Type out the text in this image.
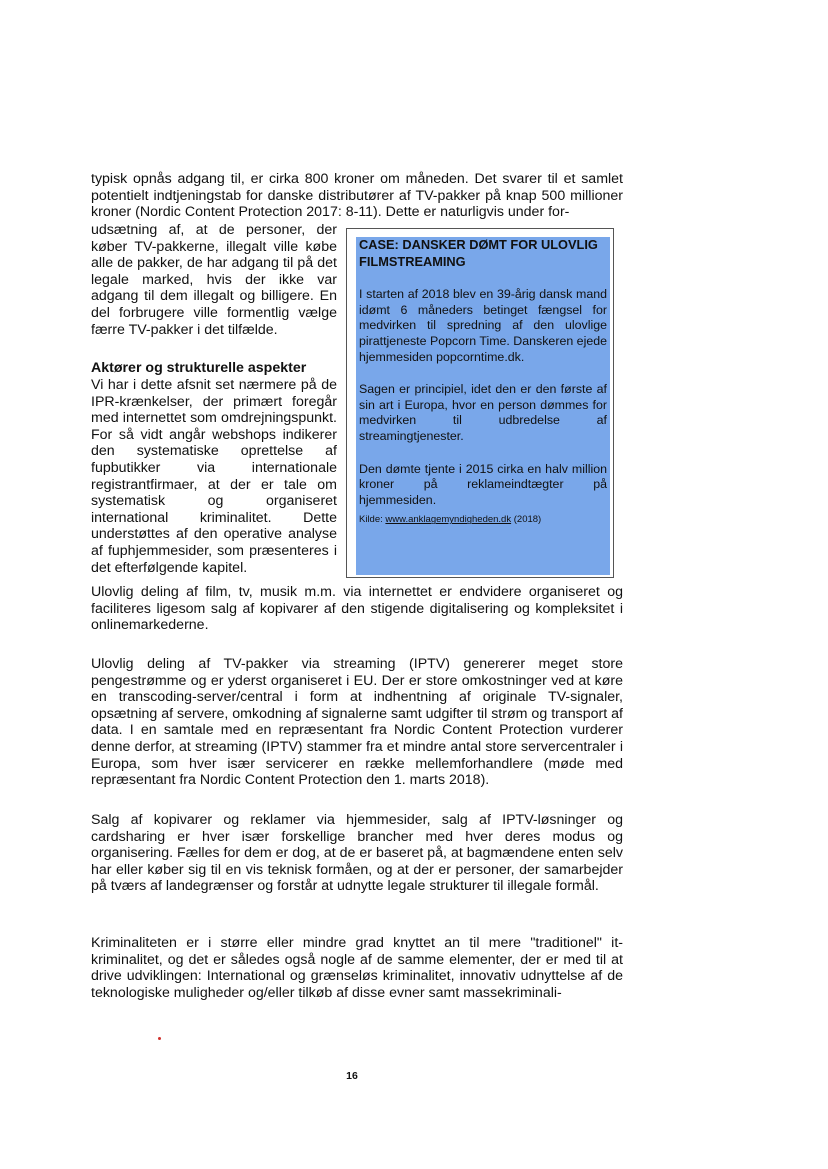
typisk opnås adgang til, er cirka 800 kroner om måneden. Det svarer til et samlet potentielt indtjeningstab for danske distributører af TV-pakker på knap 500 millioner kroner (Nordic Content Protection 2017: 8-11). Dette er naturligvis under for-

udsætning af, at de personer, der køber TV-pakkerne, illegalt ville købe alle de pakker, de har adgang til på det legale marked, hvis der ikke var adgang til dem illegalt og billigere. En del forbrugere ville formentlig vælge færre TV-pakker i det tilfælde.

Aktører og strukturelle aspekter

Vi har i dette afsnit set nærmere på de IPR-krænkelser, der primært foregår med internettet som omdrejningspunkt. For så vidt angår webshops indikerer den systematiske oprettelse af fupbutikker via internationale registrantfirmaer, at der er tale om systematisk og organiseret international kriminalitet. Dette understøttes af den operative analyse af fuphjemmesider, som præsenteres i det efterfølgende kapitel.

CASE: DANSKER DØMT FOR ULOVLIG FILMSTREAMING

I starten af 2018 blev en 39-årig dansk mand idømt 6 måneders betinget fængsel for medvirken til spredning af den ulovlige pirattjeneste Popcorn Time. Danskeren ejede hjemmesiden popcorntime.dk.

Sagen er principiel, idet den er den første af sin art i Europa, hvor en person dømmes for medvirken til udbredelse af streamingtjenester.

Den dømte tjente i 2015 cirka en halv million kroner på reklameindtægter på hjemmesiden.

Kilde: www.anklagemyndigheden.dk (2018)

Ulovlig deling af film, tv, musik m.m. via internettet er endvidere organiseret og faciliteres ligesom salg af kopivarer af den stigende digitalisering og kompleksitet i onlinemarkederne.

Ulovlig deling af TV-pakker via streaming (IPTV) genererer meget store pengestrømme og er yderst organiseret i EU. Der er store omkostninger ved at køre en transcoding-server/central i form at indhentning af originale TV-signaler, opsætning af servere, omkodning af signalerne samt udgifter til strøm og transport af data. I en samtale med en repræsentant fra Nordic Content Protection vurderer denne derfor, at streaming (IPTV) stammer fra et mindre antal store servercentraler i Europa, som hver især servicerer en række mellemforhandlere (møde med repræsentant fra Nordic Content Protection den 1. marts 2018).

Salg af kopivarer og reklamer via hjemmesider, salg af IPTV-løsninger og cardsharing er hver især forskellige brancher med hver deres modus og organisering. Fælles for dem er dog, at de er baseret på, at bagmændene enten selv har eller køber sig til en vis teknisk formåen, og at der er personer, der samarbejder på tværs af landegrænser og forstår at udnytte legale strukturer til illegale formål.

Kriminaliteten er i større eller mindre grad knyttet an til mere "traditionel" it-kriminalitet, og det er således også nogle af de samme elementer, der er med til at drive udviklingen: International og grænseløs kriminalitet, innovativ udnyttelse af de teknologiske muligheder og/eller tilkøb af disse evner samt massekriminali-

16
